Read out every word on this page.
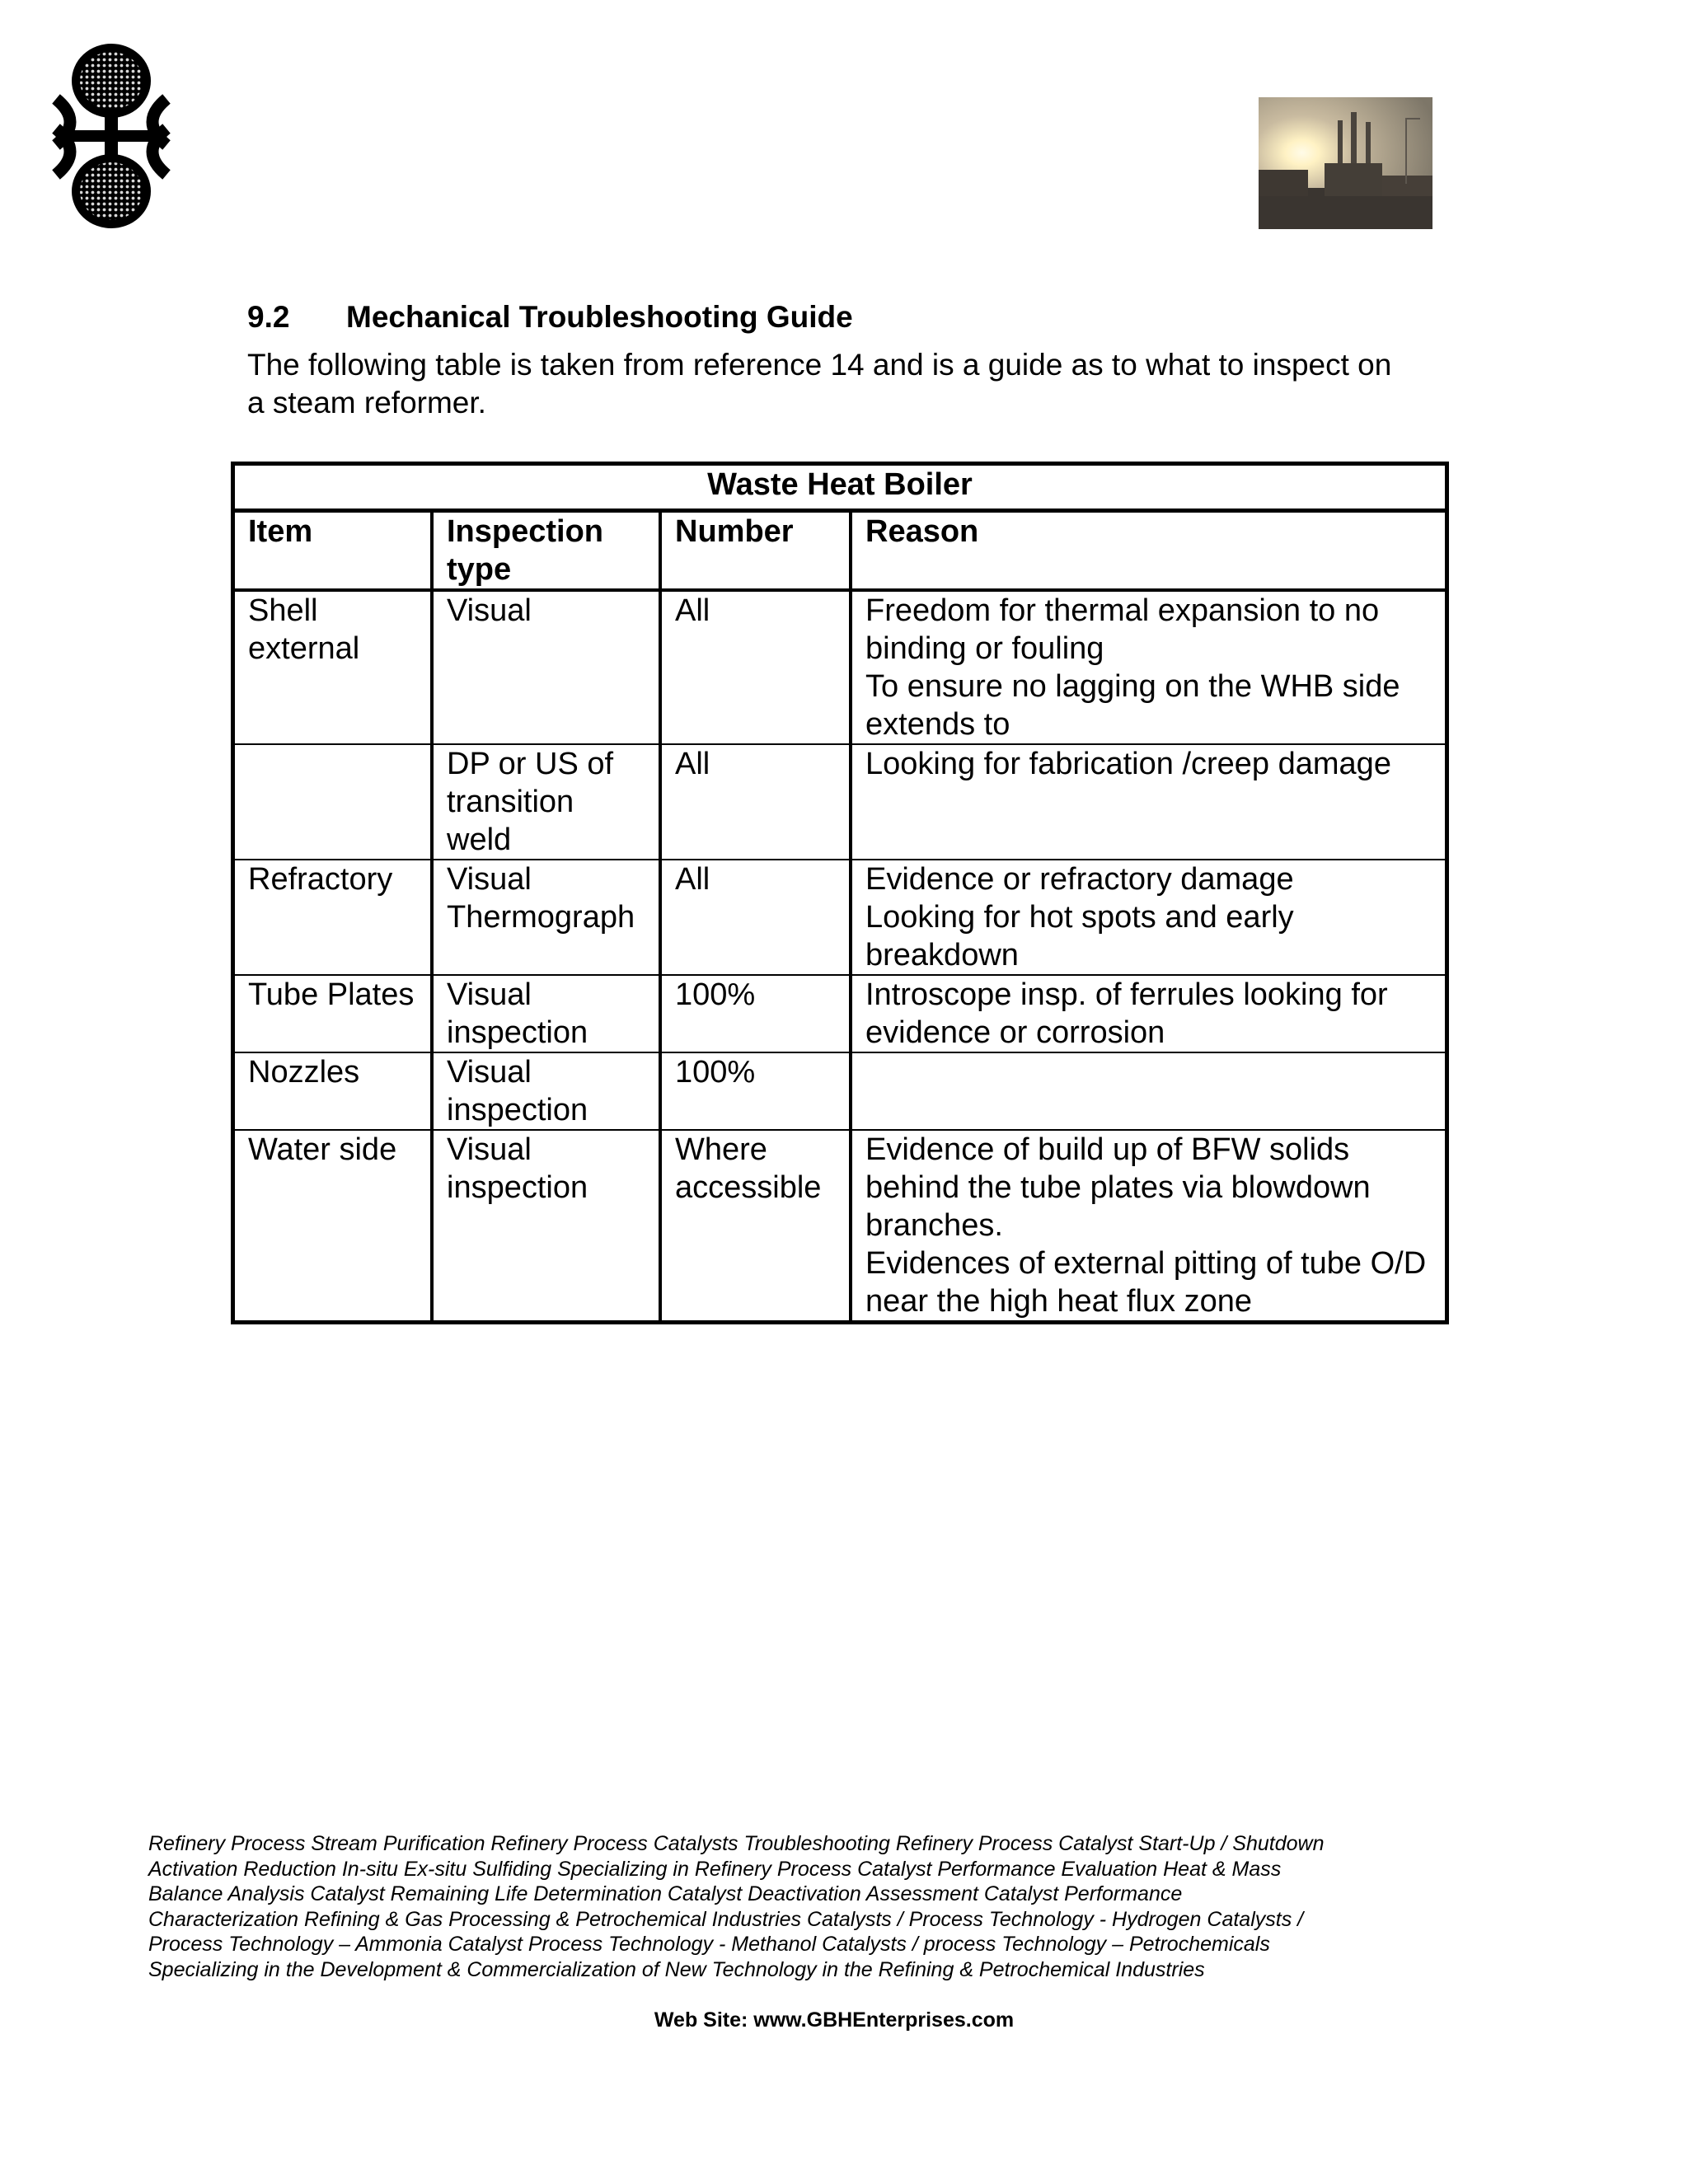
9.2 Mechanical Troubleshooting Guide
The following table is taken from reference 14 and is a guide as to what to inspect on a steam reformer.
Waste Heat Boiler			
Item	Inspection type	Number	Reason
Shell external	Visual	All	Freedom for thermal expansion to no binding or fouling
To ensure no lagging on the WHB side extends to

	DP or US of transition weld	All	Looking for fabrication /creep damage

Refractory	Visual Thermograph	All	Evidence or refractory damage
Looking for hot spots and early breakdown

Tube Plates	Visual inspection	100%	Introscope insp. of ferrules looking for evidence or corrosion

Nozzles	Visual inspection	100%	

Water side	Visual inspection	Where accessible	Evidence of build up of BFW solids behind the tube plates via blowdown branches.
Evidences of external pitting of tube O/D near the high heat flux zone
Refinery Process Stream Purification Refinery Process Catalysts Troubleshooting Refinery Process Catalyst Start-Up / Shutdown
Activation Reduction In-situ Ex-situ Sulfiding Specializing in Refinery Process Catalyst Performance Evaluation Heat & Mass
Balance Analysis Catalyst Remaining Life Determination Catalyst Deactivation Assessment Catalyst Performance
Characterization Refining & Gas Processing & Petrochemical Industries Catalysts / Process Technology - Hydrogen Catalysts /
Process Technology – Ammonia Catalyst Process Technology - Methanol Catalysts / process Technology – Petrochemicals
Specializing in the Development & Commercialization of New Technology in the Refining & Petrochemical Industries
Web Site: www.GBHEnterprises.com
